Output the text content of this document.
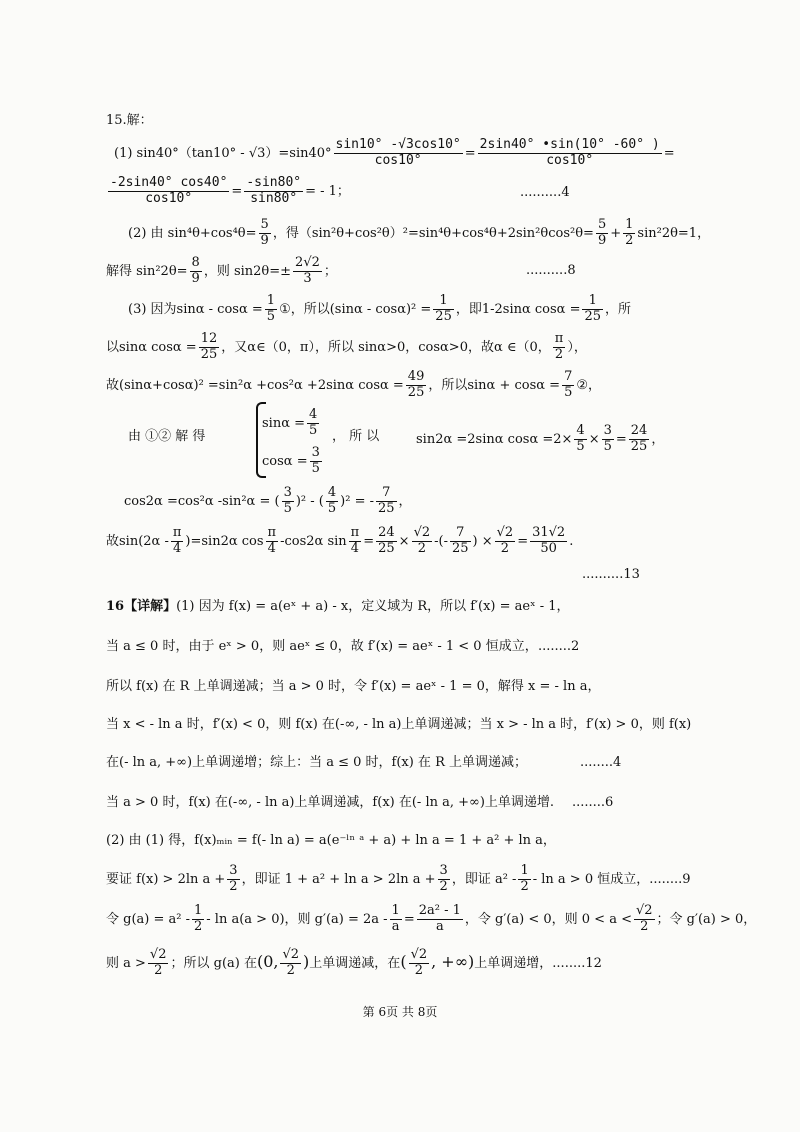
15.解：
(1) $\sin 40^\circ(\tan 10^\circ - √3)=\sin 40^\circ \frac{\sin 10^\circ -√3\cos 10^\circ}{\cos 10^\circ} = \frac{2\sin 40^\circ •\sin(10^\circ -60^\circ )}{\cos 10^\circ}$ =
$\frac{-2\sin 40^\circ \cos 40^\circ}{\cos 10^\circ} = \frac{-\sin 80^\circ}{\sin 80^\circ}$ = - 1；	..........4
(2) 由 $\sin^4\theta+\cos^4\theta= \frac{5}{9}$ ，得$(\sin^2\theta+\cos^2\theta)^2=\sin^4\theta+\cos^4\theta+2\sin^2\theta\cos^2\theta= \frac{5}{9} + \frac{1}{2} \sin^22\theta=1$，
解得 $\sin^22\theta= \frac{8}{9}$ ，则 $\sin 2\theta=\pm \frac{2√2}{3}$ ；	..........8
(3) 因为$\sin\alpha - \cos\alpha = \frac{1}{5}$ ①，所以$(\sin\alpha - \cos\alpha)^2 = \frac{1}{25}$ ，即1-2sinα $\cos\alpha = \frac{1}{25}$ ，所
以sinα $\cos\alpha = \frac{12}{25}$ ，又α∈（0，π），所以 sinα>0，cosα>0，故α ∈（0， $\frac{\pi}{2}$ ），
故(sinα+cosα)² =sin²α +cos²α +2sinα $\cos\alpha = \frac{49}{25}$ ，所以$\sin\alpha + \cos\alpha = \frac{7}{5}$ ②，
由 ①② 解 得
$\sin\alpha = \frac{4}{5}$
$\cos\alpha = \frac{3}{5}$
， 所 以	sin2α =2sinα $\cos\alpha =2\times \frac{4}{5} \times \frac{3}{5} = \frac{24}{25}$ ，
cos2α =cos²α -sin²α = ( $\frac{3}{5} )^2$ - ( $\frac{4}{5} )^2$ = - $\frac{7}{25}$ ，
故$\sin(2\alpha - \frac{\pi}{4} )=\sin 2\alpha$ $\cos \frac{\pi}{4} -\cos 2\alpha$ $\sin \frac{\pi}{4} = \frac{24}{25} \times \frac{√2}{2}$ -(- $\frac{7}{25}$ ) × $\frac{√2}{2} = \frac{31√2}{50}$ .
..........13
16【详解】(1) 因为 f(x) = a(eˣ + a) - x，定义域为 R，所以 f′(x) = aeˣ - 1，
当 a ≤ 0 时，由于 eˣ > 0，则 aeˣ ≤ 0，故 f′(x) = aeˣ - 1 < 0 恒成立， ........2
所以 f(x) 在 R 上单调递减；当 a > 0 时，令 f′(x) = aeˣ - 1 = 0，解得 x = - ln a，
当 x < - ln a 时，f′(x) < 0，则 f(x) 在(-∞, - ln a)上单调递减；当 x > - ln a 时，f′(x) > 0，则 f(x)
在(- ln a, +∞)上单调递增；综上：当 a ≤ 0 时，f(x) 在 R 上单调递减；	........4
当 a > 0 时，f(x) 在(-∞, - ln a)上单调递减，f(x) 在(- ln a, +∞)上单调递增. ........6
(2) 由 (1) 得，f(x)ₘᵢₙ = f(- ln a) = a(e⁻ˡⁿ ᵃ + a) + ln a = 1 + a² + ln a，
要证 f(x) > 2ln $a + \frac{3}{2}$ ，即证 1 + a² + ln a > 2ln $a + \frac{3}{2}$ ，即证 $a^2 - \frac{1}{2} - \ln a > 0$ 恒成立，........9
令 $g(a) = a^2 - \frac{1}{2} - \ln a(a > 0)$，则 $g'(a) = 2a - \frac{1}{a} = \frac{\text{2a² - 1}}{a}$ ，令 g′(a) < 0，则 $0 < a < \frac{√2}{2}$ ；令 g′(a) > 0，
则 $a > \frac{√2}{2}$ ；所以 g(a) 在(0, $\frac{√2}{2}$ )上单调递减，在( $\frac{√2}{2}$ , +∞)上单调递增，........12
第 6页 共 8页
